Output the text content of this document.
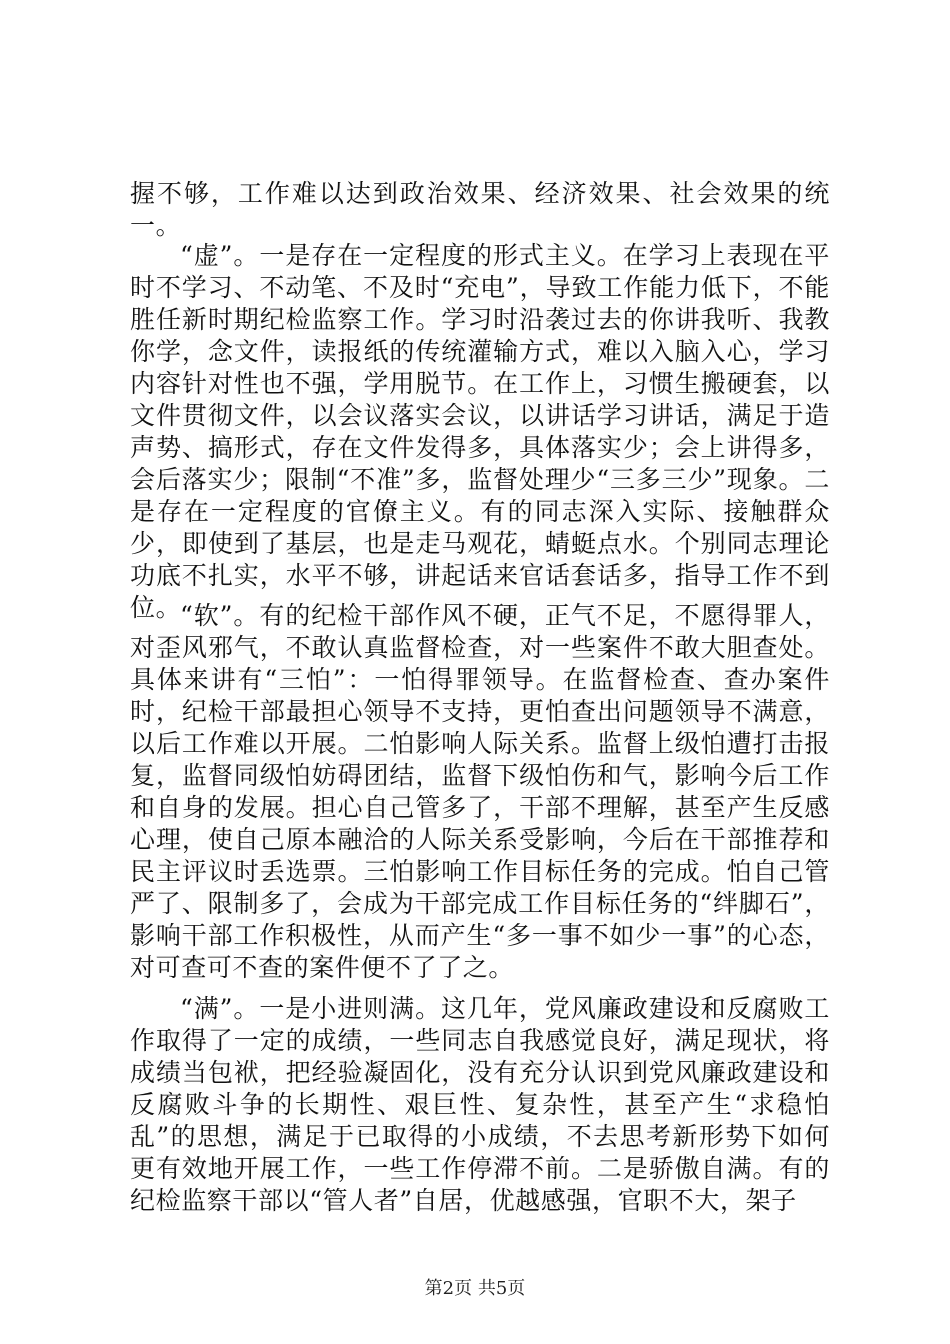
握不够，工作难以达到政治效果、经济效果、社会效果的统一。

“虚”。一是存在一定程度的形式主义。在学习上表现在平时不学习、不动笔、不及时“充电”，导致工作能力低下，不能胜任新时期纪检监察工作。学习时沿袭过去的你讲我听、我教你学，念文件，读报纸的传统灌输方式，难以入脑入心，学习内容针对性也不强，学用脱节。在工作上，习惯生搬硬套，以文件贯彻文件，以会议落实会议，以讲话学习讲话，满足于造声势、搞形式，存在文件发得多，具体落实少；会上讲得多，会后落实少；限制“不准”多，监督处理少“三多三少”现象。二是存在一定程度的官僚主义。有的同志深入实际、接触群众少，即使到了基层，也是走马观花，蜻蜓点水。个别同志理论功底不扎实，水平不够，讲起话来官话套话多，指导工作不到位。

“软”。有的纪检干部作风不硬，正气不足，不愿得罪人，对歪风邪气，不敢认真监督检查，对一些案件不敢大胆查处。具体来讲有“三怕”：一怕得罪领导。在监督检查、查办案件时，纪检干部最担心领导不支持，更怕查出问题领导不满意，以后工作难以开展。二怕影响人际关系。监督上级怕遭打击报复，监督同级怕妨碍团结，监督下级怕伤和气，影响今后工作和自身的发展。担心自己管多了，干部不理解，甚至产生反感心理，使自己原本融洽的人际关系受影响，今后在干部推荐和民主评议时丢选票。三怕影响工作目标任务的完成。怕自己管严了、限制多了，会成为干部完成工作目标任务的“绊脚石”，影响干部工作积极性，从而产生“多一事不如少一事”的心态，对可查可不查的案件便不了了之。

“满”。一是小进则满。这几年，党风廉政建设和反腐败工作取得了一定的成绩，一些同志自我感觉良好，满足现状，将成绩当包袱，把经验凝固化，没有充分认识到党风廉政建设和反腐败斗争的长期性、艰巨性、复杂性，甚至产生“求稳怕乱”的思想，满足于已取得的小成绩，不去思考新形势下如何更有效地开展工作，一些工作停滞不前。二是骄傲自满。有的纪检监察干部以“管人者”自居，优越感强，官职不大，架子

第2页 共5页
